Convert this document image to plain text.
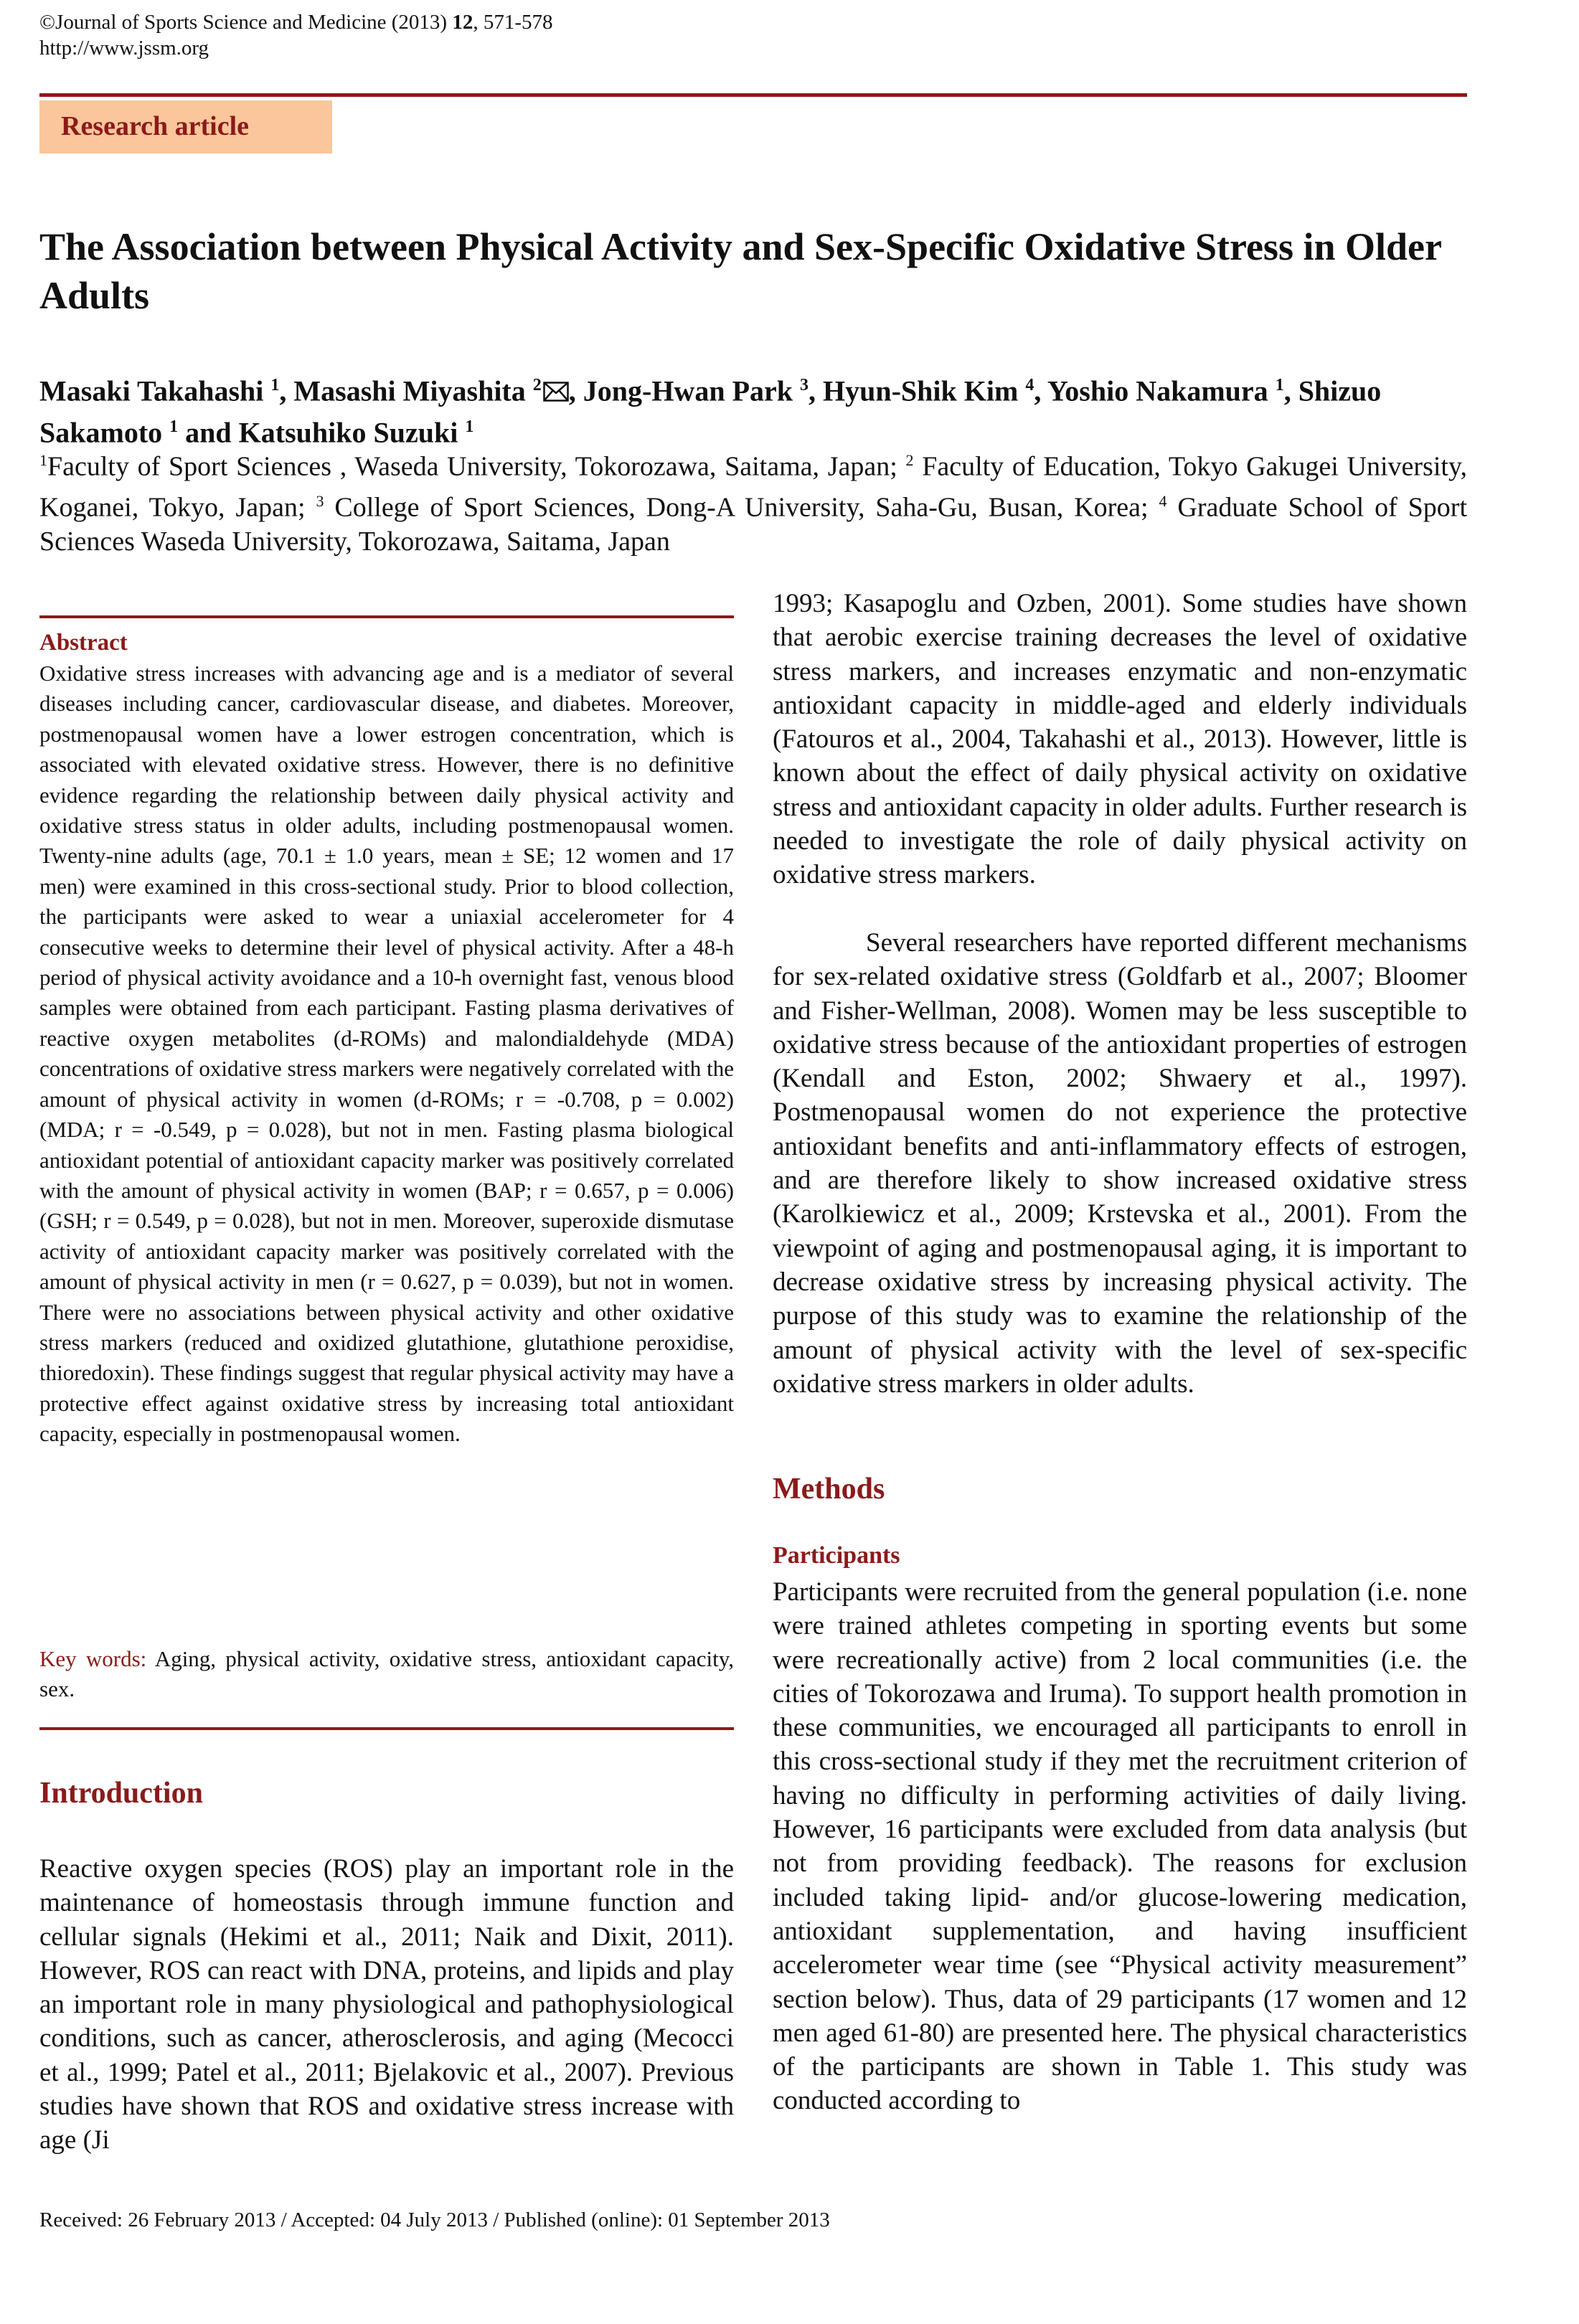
©Journal of Sports Science and Medicine (2013) 12, 571-578
http://www.jssm.org
Research article
The Association between Physical Activity and Sex-Specific Oxidative Stress in Older Adults
Masaki Takahashi $^1$, Masashi Miyashita $^2$ , Jong-Hwan Park $^3$, Hyun-Shik Kim $^4$, Yoshio Nakamura $^1$, Shizuo Sakamoto $^1$ and Katsuhiko Suzuki $^1$
$^1$Faculty of Sport Sciences , Waseda University, Tokorozawa, Saitama, Japan; $^2$ Faculty of Education, Tokyo Gakugei University, Koganei, Tokyo, Japan; $^3$ College of Sport Sciences, Dong-A University, Saha-Gu, Busan, Korea; $^4$ Graduate School of Sport Sciences Waseda University, Tokorozawa, Saitama, Japan
Abstract
Oxidative stress increases with advancing age and is a mediator of several diseases including cancer, cardiovascular disease, and diabetes. Moreover, postmenopausal women have a lower estrogen concentration, which is associated with elevated oxidative stress. However, there is no definitive evidence regarding the relationship between daily physical activity and oxidative stress status in older adults, including postmenopausal women. Twenty-nine adults (age, 70.1 ± 1.0 years, mean ± SE; 12 women and 17 men) were examined in this cross-sectional study. Prior to blood collection, the participants were asked to wear a uniaxial accelerometer for 4 consecutive weeks to determine their level of physical activity. After a 48-h period of physical activity avoidance and a 10-h overnight fast, venous blood samples were obtained from each participant. Fasting plasma derivatives of reactive oxygen metabolites (d-ROMs) and malondialdehyde (MDA) concentrations of oxidative stress markers were negatively correlated with the amount of physical activity in women (d-ROMs; r = -0.708, p = 0.002) (MDA; r = -0.549, p = 0.028), but not in men. Fasting plasma biological antioxidant potential of antioxidant capacity marker was positively correlated with the amount of physical activity in women (BAP; r = 0.657, p = 0.006) (GSH; r = 0.549, p = 0.028), but not in men. Moreover, superoxide dismutase activity of antioxidant capacity marker was positively correlated with the amount of physical activity in men (r = 0.627, p = 0.039), but not in women. There were no associations between physical activity and other oxidative stress markers (reduced and oxidized glutathione, glutathione peroxidise, thioredoxin). These findings suggest that regular physical activity may have a protective effect against oxidative stress by increasing total antioxidant capacity, especially in postmenopausal women.
Key words: Aging, physical activity, oxidative stress, antioxidant capacity, sex.
Introduction
Reactive oxygen species (ROS) play an important role in the maintenance of homeostasis through immune function and cellular signals (Hekimi et al., 2011; Naik and Dixit, 2011). However, ROS can react with DNA, proteins, and lipids and play an important role in many physiological and pathophysiological conditions, such as cancer, atherosclerosis, and aging (Mecocci et al., 1999; Patel et al., 2011; Bjelakovic et al., 2007). Previous studies have shown that ROS and oxidative stress increase with age (Ji
1993; Kasapoglu and Ozben, 2001). Some studies have shown that aerobic exercise training decreases the level of oxidative stress markers, and increases enzymatic and non-enzymatic antioxidant capacity in middle-aged and elderly individuals (Fatouros et al., 2004, Takahashi et al., 2013). However, little is known about the effect of daily physical activity on oxidative stress and antioxidant capacity in older adults. Further research is needed to investigate the role of daily physical activity on oxidative stress markers.
Several researchers have reported different mechanisms for sex-related oxidative stress (Goldfarb et al., 2007; Bloomer and Fisher-Wellman, 2008). Women may be less susceptible to oxidative stress because of the antioxidant properties of estrogen (Kendall and Eston, 2002; Shwaery et al., 1997). Postmenopausal women do not experience the protective antioxidant benefits and anti-inflammatory effects of estrogen, and are therefore likely to show increased oxidative stress (Karolkiewicz et al., 2009; Krstevska et al., 2001). From the viewpoint of aging and postmenopausal aging, it is important to decrease oxidative stress by increasing physical activity. The purpose of this study was to examine the relationship of the amount of physical activity with the level of sex-specific oxidative stress markers in older adults.
Methods
Participants
Participants were recruited from the general population (i.e. none were trained athletes competing in sporting events but some were recreationally active) from 2 local communities (i.e. the cities of Tokorozawa and Iruma). To support health promotion in these communities, we encouraged all participants to enroll in this cross-sectional study if they met the recruitment criterion of having no difficulty in performing activities of daily living. However, 16 participants were excluded from data analysis (but not from providing feedback). The reasons for exclusion included taking lipid- and/or glucose-lowering medication, antioxidant supplementation, and having insufficient accelerometer wear time (see “Physical activity measurement” section below). Thus, data of 29 participants (17 women and 12 men aged 61-80) are presented here. The physical characteristics of the participants are shown in Table 1. This study was conducted according to
Received: 26 February 2013 / Accepted: 04 July 2013 / Published (online): 01 September 2013
